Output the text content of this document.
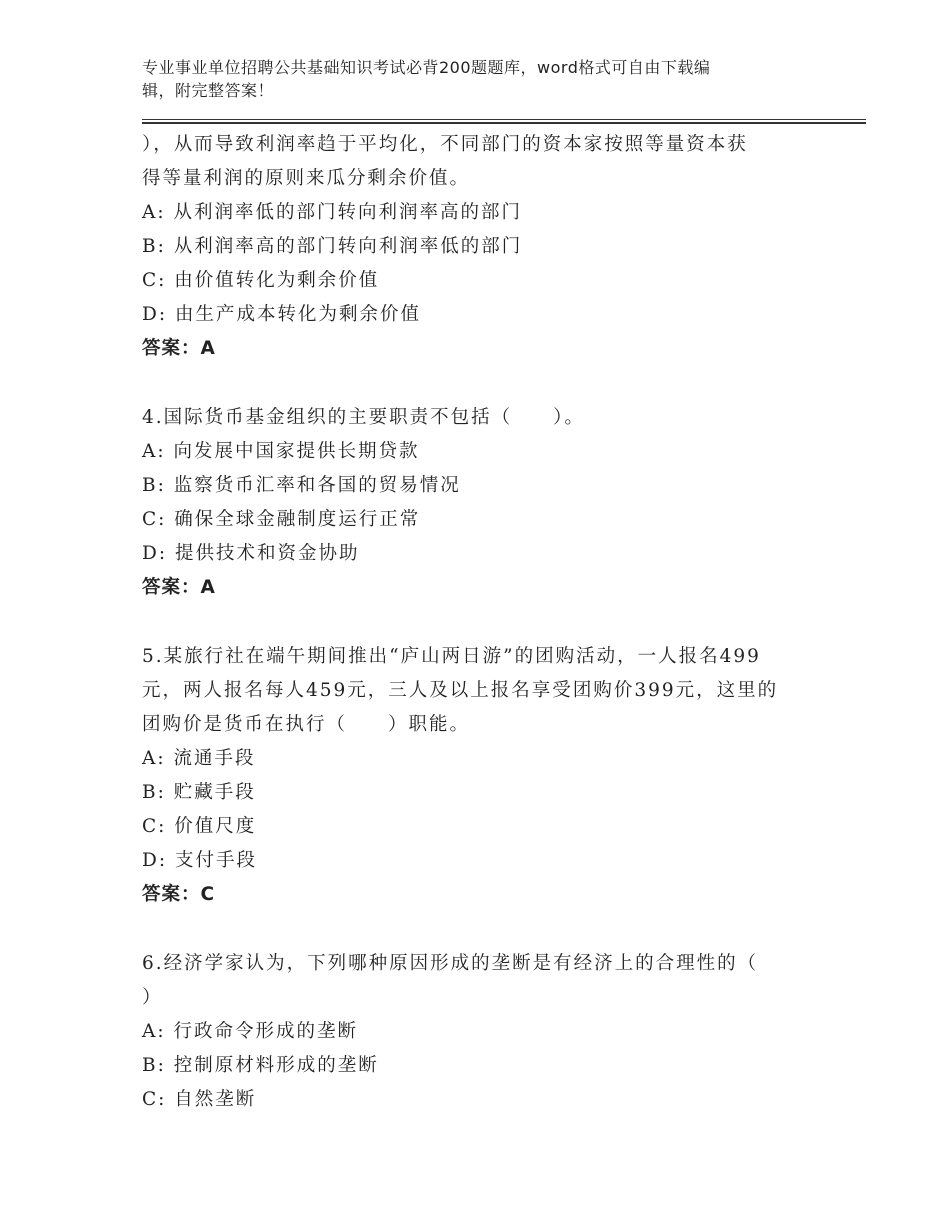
专业事业单位招聘公共基础知识考试必背200题题库，word格式可自由下载编
辑，附完整答案！
），从而导致利润率趋于平均化，不同部门的资本家按照等量资本获
得等量利润的原则来瓜分剩余价值。
A: 从利润率低的部门转向利润率高的部门
B: 从利润率高的部门转向利润率低的部门
C: 由价值转化为剩余价值
D: 由生产成本转化为剩余价值
答案：A
4.国际货币基金组织的主要职责不包括（　　）。
A: 向发展中国家提供长期贷款
B: 监察货币汇率和各国的贸易情况
C: 确保全球金融制度运行正常
D: 提供技术和资金协助
答案：A
5.某旅行社在端午期间推出“庐山两日游”的团购活动，一人报名499
元，两人报名每人459元，三人及以上报名享受团购价399元，这里的
团购价是货币在执行（　　）职能。
A: 流通手段
B: 贮藏手段
C: 价值尺度
D: 支付手段
答案：C
6.经济学家认为，下列哪种原因形成的垄断是有经济上的合理性的（
）
A: 行政命令形成的垄断
B: 控制原材料形成的垄断
C: 自然垄断
